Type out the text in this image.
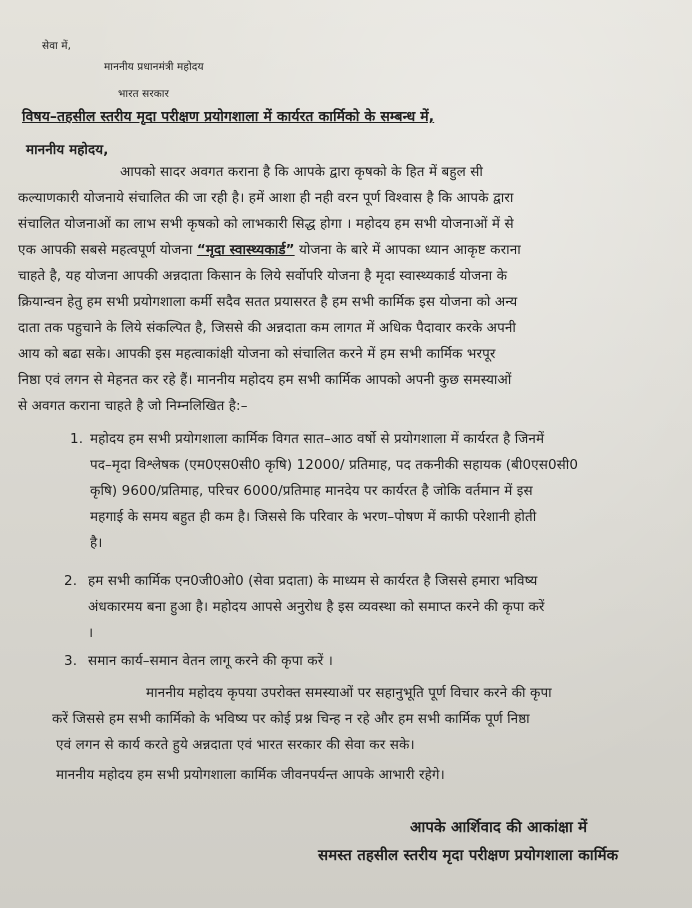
सेवा में,
माननीय प्रधानमंत्री महोदय
भारत सरकार
विषय–तहसील स्तरीय मृदा परीक्षण प्रयोगशाला में कार्यरत कार्मिको के सम्बन्ध में,
माननीय महोदय,
आपको सादर अवगत कराना है कि आपके द्वारा कृषको के हित में बहुल सी
कल्याणकारी योजनाये संचालित की जा रही है। हमें आशा ही नही वरन पूर्ण विश्वास है कि आपके द्वारा
संचालित योजनाओं का लाभ सभी कृषको को लाभकारी सिद्ध होगा । महोदय हम सभी योजनाओं में से
एक आपकी सबसे महत्वपूर्ण योजना “मृदा स्वास्थ्यकार्ड” योजना के बारे में आपका ध्यान आकृष्ट कराना
चाहते है, यह योजना आपकी अन्नदाता किसान के लिये सर्वोपरि योजना है मृदा स्वास्थ्यकार्ड योजना के
क्रियान्वन हेतु हम सभी प्रयोगशाला कर्मी सदैव सतत प्रयासरत है हम सभी कार्मिक इस योजना को अन्य
दाता तक पहुचाने के लिये संकल्पित है, जिससे की अन्नदाता कम लागत में अधिक पैदावार करके अपनी
आय को बढा सके। आपकी इस महत्वाकांक्षी योजना को संचालित करने में हम सभी कार्मिक भरपूर
निष्ठा एवं लगन से मेहनत कर रहे हैं। माननीय महोदय हम सभी कार्मिक आपको अपनी कुछ समस्याओं
से अवगत कराना चाहते है जो निम्नलिखित है:–
1. महोदय हम सभी प्रयोगशाला कार्मिक विगत सात–आठ वर्षो से प्रयोगशाला में कार्यरत है जिनमें
पद–मृदा विश्लेषक (एम0एस0सी0 कृषि) 12000/ प्रतिमाह, पद तकनीकी सहायक (बी0एस0सी0
कृषि) 9600/प्रतिमाह, परिचर 6000/प्रतिमाह मानदेय पर कार्यरत है जोकि वर्तमान में इस
महगाई के समय बहुत ही कम है। जिससे कि परिवार के भरण–पोषण में काफी परेशानी होती
है।
2. हम सभी कार्मिक एन0जी0ओ0 (सेवा प्रदाता) के माध्यम से कार्यरत है जिससे हमारा भविष्य
अंधकारमय बना हुआ है। महोदय आपसे अनुरोध है इस व्यवस्था को समाप्त करने की कृपा करें
।
3. समान कार्य–समान वेतन लागू करने की कृपा करें ।
माननीय महोदय कृपया उपरोक्त समस्याओं पर सहानुभूति पूर्ण विचार करने की कृपा
करें जिससे हम सभी कार्मिको के भविष्य पर कोई प्रश्न चिन्ह न रहे और हम सभी कार्मिक पूर्ण निष्ठा
एवं लगन से कार्य करते हुये अन्नदाता एवं भारत सरकार की सेवा कर सके।
माननीय महोदय हम सभी प्रयोगशाला कार्मिक जीवनपर्यन्त आपके आभारी रहेगे।
आपके आर्शिवाद की आकांक्षा में
समस्त तहसील स्तरीय मृदा परीक्षण प्रयोगशाला कार्मिक
